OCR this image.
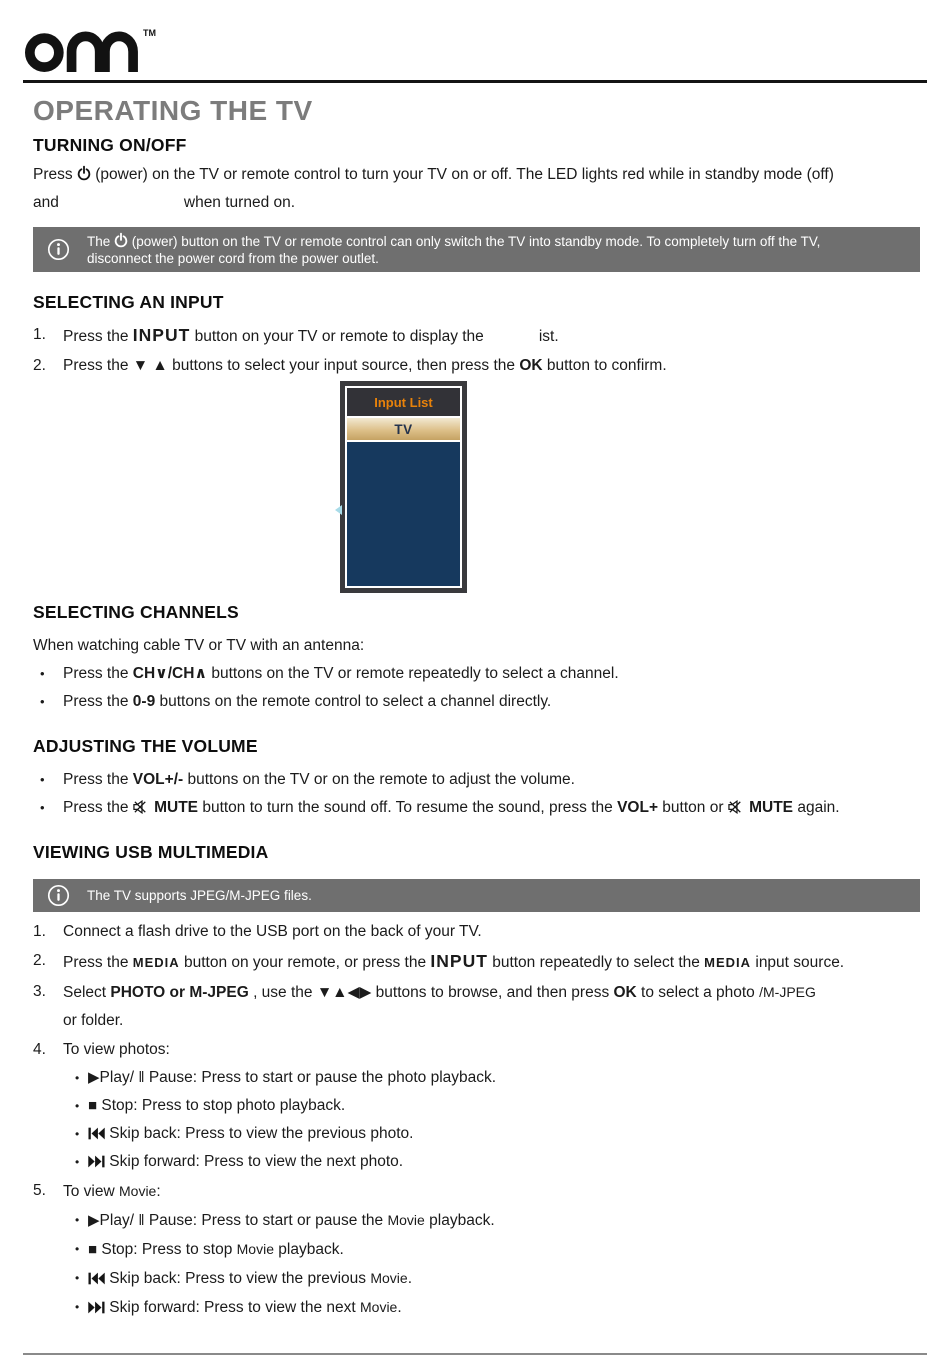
TM
OPERATING THE TV
TURNING ON/OFF
Press  (power) on the TV or remote control to turn your TV on or off. The LED lights red while in standby mode (off)
and	when turned on.
The  (power) button on the TV or remote control can only switch the TV into standby mode. To completely turn off the TV,
disconnect the power cord from the power outlet.
SELECTING AN INPUT
1.	Press the INPUT button on your TV or remote to display the	ist.
2.	Press the ▼ ▲ buttons to select your input source, then press the OK button to confirm.
SELECTING CHANNELS
When watching cable TV or TV with an antenna:
• Press the CH∨/CH∧ buttons on the TV or remote repeatedly to select a channel.
• Press the 0-9 buttons on the remote control to select a channel directly.
ADJUSTING THE VOLUME
• Press the VOL+/- buttons on the TV or on the remote to adjust the volume.
• Press the  MUTE button to turn the sound off. To resume the sound, press the VOL+ button or  MUTE again.
VIEWING USB MULTIMEDIA
The TV supports JPEG/M-JPEG files.
1.	Connect a flash drive to the USB port on the back of your TV.
2.	Press the MEDIA button on your remote, or press the INPUT button repeatedly to select the MEDIA input source.
3.	Select PHOTO or M-JPEG , use the ▼▲◀▶ buttons to browse, and then press OK to select a photo /M-JPEG
or folder.
4.	To view photos:
• ▶Play/ ‖ Pause: Press to start or pause the photo playback.
• ■ Stop: Press to stop photo playback.
• Skip back: Press to view the previous photo.
• Skip forward: Press to view the next photo.
5.	To view Movie:
• ▶Play/ ‖ Pause: Press to start or pause the Movie playback.
• ■ Stop: Press to stop Movie playback.
• Skip back: Press to view the previous Movie.
• Skip forward: Press to view the next Movie.
Input List
TV
